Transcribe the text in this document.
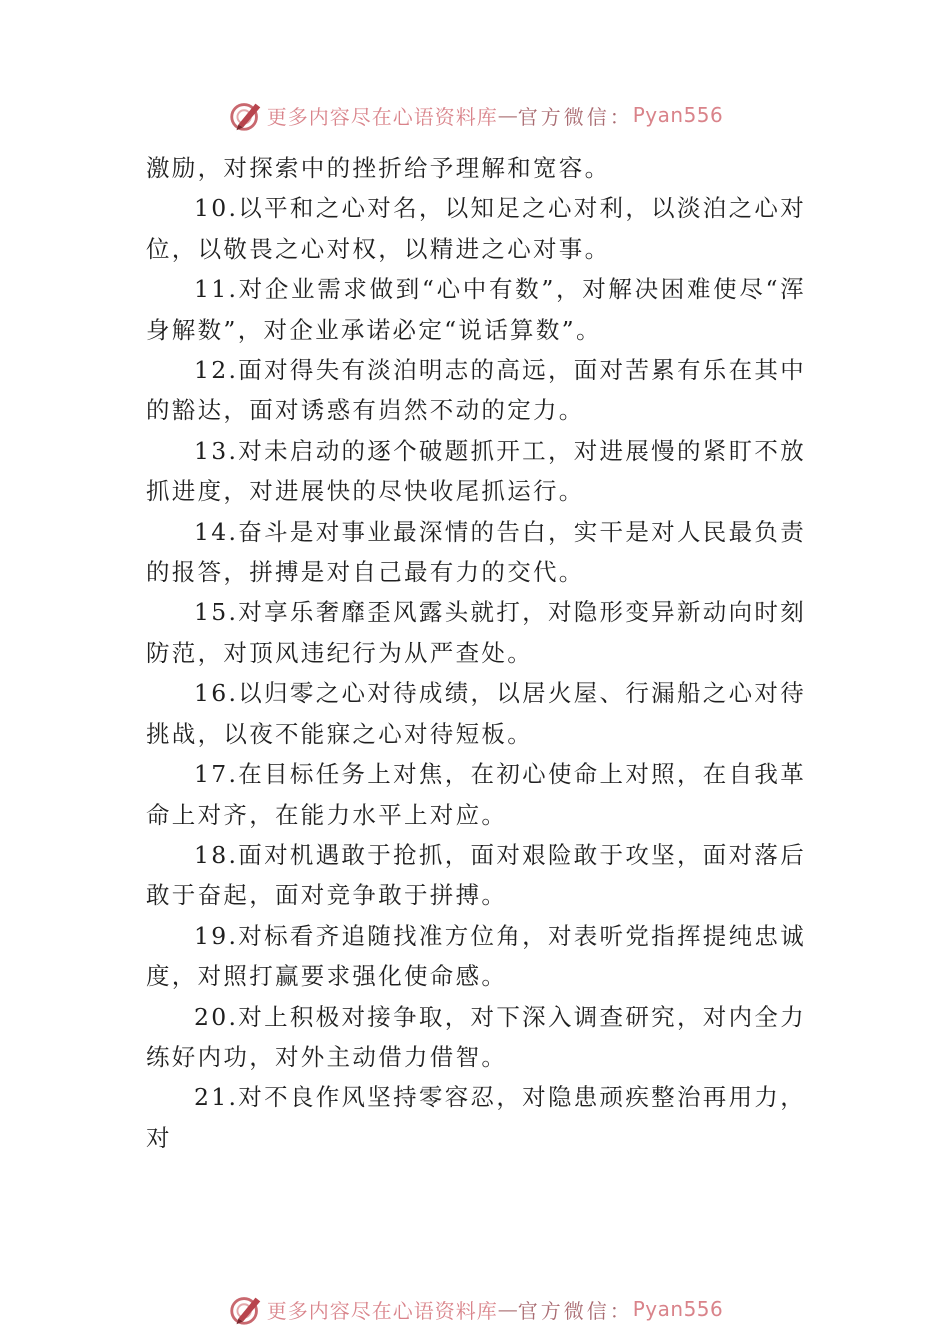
更多内容尽在心语资料库 — 官方微信： Pyan556

激励，对探索中的挫折给予理解和宽容。

10.以平和之心对名，以知足之心对利，以淡泊之心对位，以敬畏之心对权，以精进之心对事。

11.对企业需求做到“心中有数”，对解决困难使尽“浑身解数”，对企业承诺必定“说话算数”。

12.面对得失有淡泊明志的高远，面对苦累有乐在其中的豁达，面对诱惑有岿然不动的定力。

13.对未启动的逐个破题抓开工，对进展慢的紧盯不放抓进度，对进展快的尽快收尾抓运行。

14.奋斗是对事业最深情的告白，实干是对人民最负责的报答，拼搏是对自己最有力的交代。

15.对享乐奢靡歪风露头就打，对隐形变异新动向时刻防范，对顶风违纪行为从严查处。

16.以归零之心对待成绩，以居火屋、行漏船之心对待挑战，以夜不能寐之心对待短板。

17.在目标任务上对焦，在初心使命上对照，在自我革命上对齐，在能力水平上对应。

18.面对机遇敢于抢抓，面对艰险敢于攻坚，面对落后敢于奋起，面对竞争敢于拼搏。

19.对标看齐追随找准方位角，对表听党指挥提纯忠诚度，对照打赢要求强化使命感。

20.对上积极对接争取，对下深入调查研究，对内全力练好内功，对外主动借力借智。

21.对不良作风坚持零容忍，对隐患顽疾整治再用力，对

更多内容尽在心语资料库 — 官方微信： Pyan556
